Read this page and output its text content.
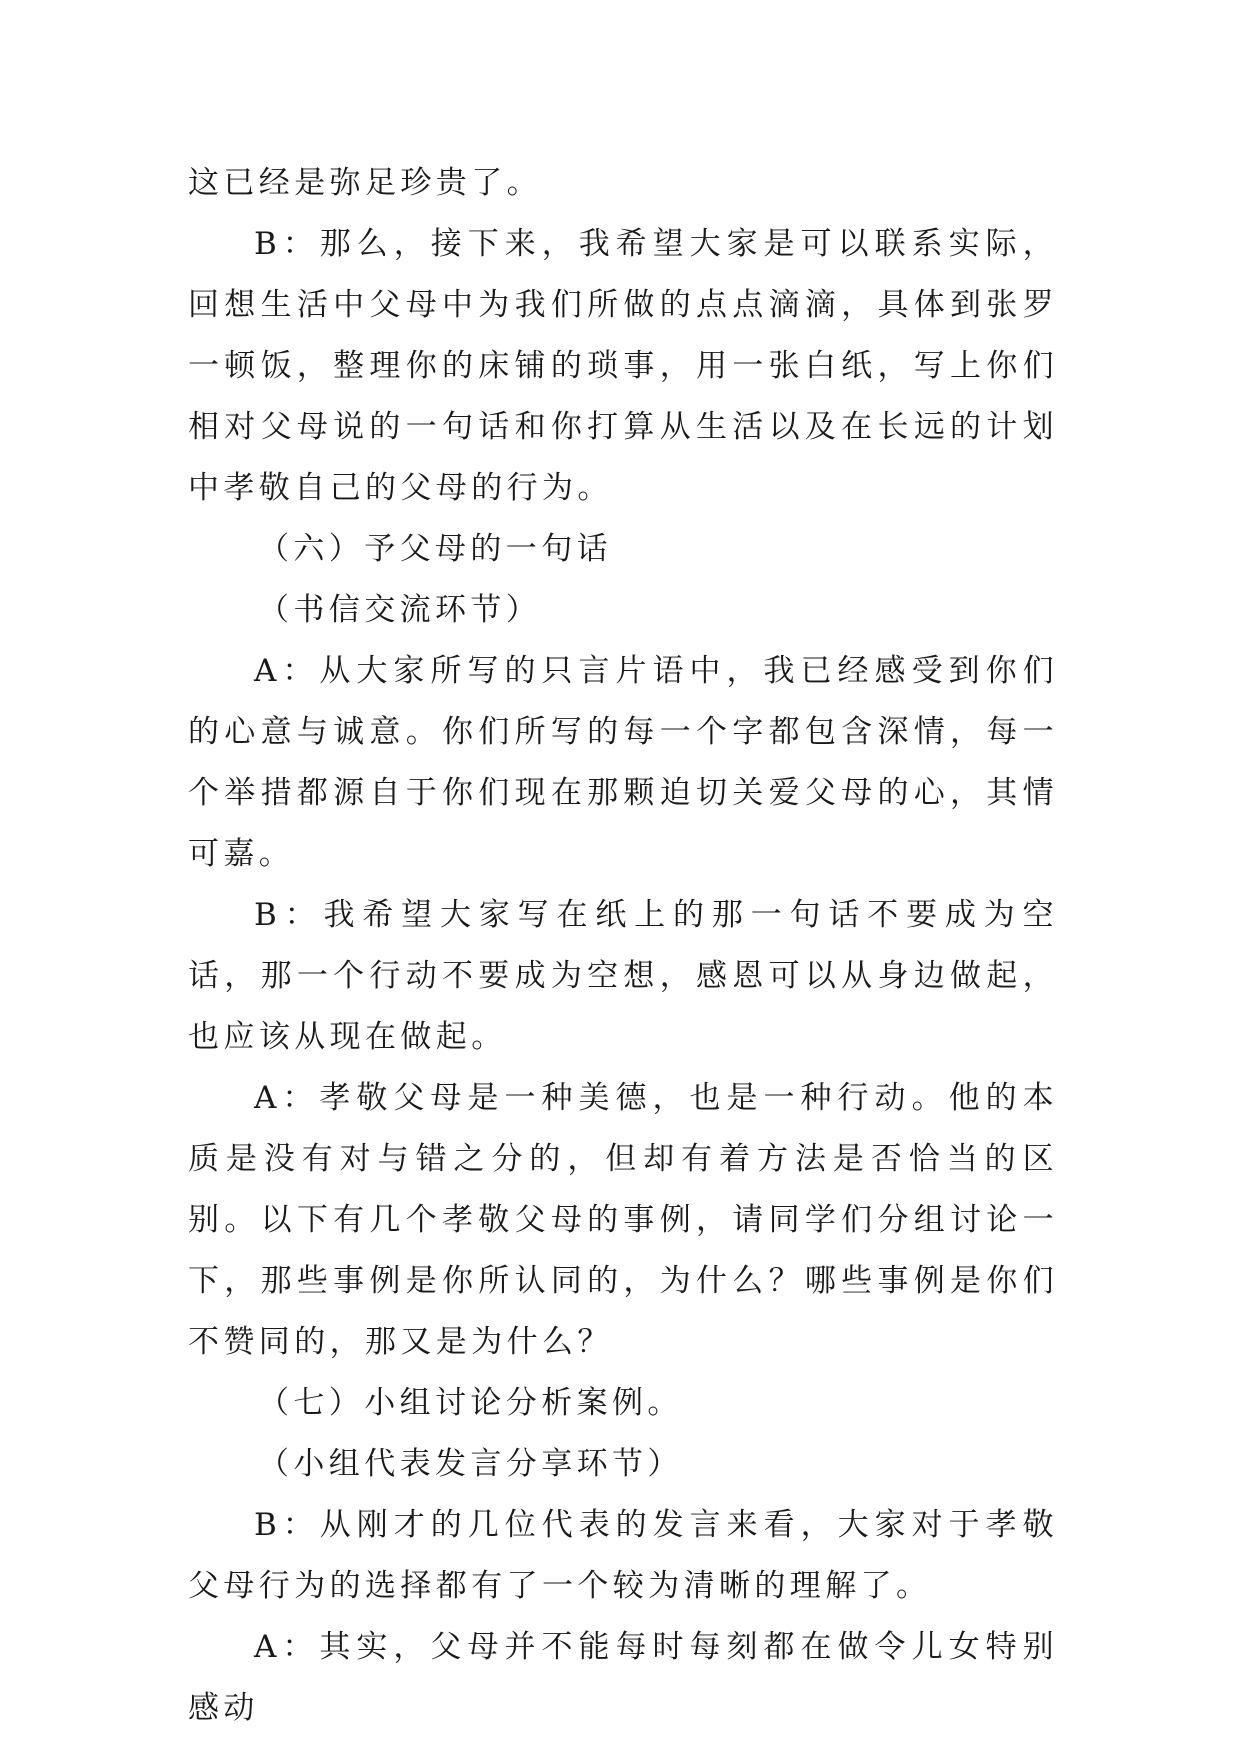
这已经是弥足珍贵了。

B：那么，接下来，我希望大家是可以联系实际，回想生活中父母中为我们所做的点点滴滴，具体到张罗一顿饭，整理你的床铺的琐事，用一张白纸，写上你们相对父母说的一句话和你打算从生活以及在长远的计划中孝敬自己的父母的行为。

（六）予父母的一句话

（书信交流环节）

A：从大家所写的只言片语中，我已经感受到你们的心意与诚意。你们所写的每一个字都包含深情，每一个举措都源自于你们现在那颗迫切关爱父母的心，其情可嘉。

B：我希望大家写在纸上的那一句话不要成为空话，那一个行动不要成为空想，感恩可以从身边做起，也应该从现在做起。

A：孝敬父母是一种美德，也是一种行动。他的本质是没有对与错之分的，但却有着方法是否恰当的区别。以下有几个孝敬父母的事例，请同学们分组讨论一下，那些事例是你所认同的，为什么？哪些事例是你们不赞同的，那又是为什么？

（七）小组讨论分析案例。

（小组代表发言分享环节）

B：从刚才的几位代表的发言来看，大家对于孝敬父母行为的选择都有了一个较为清晰的理解了。

A：其实，父母并不能每时每刻都在做令儿女特别感动
